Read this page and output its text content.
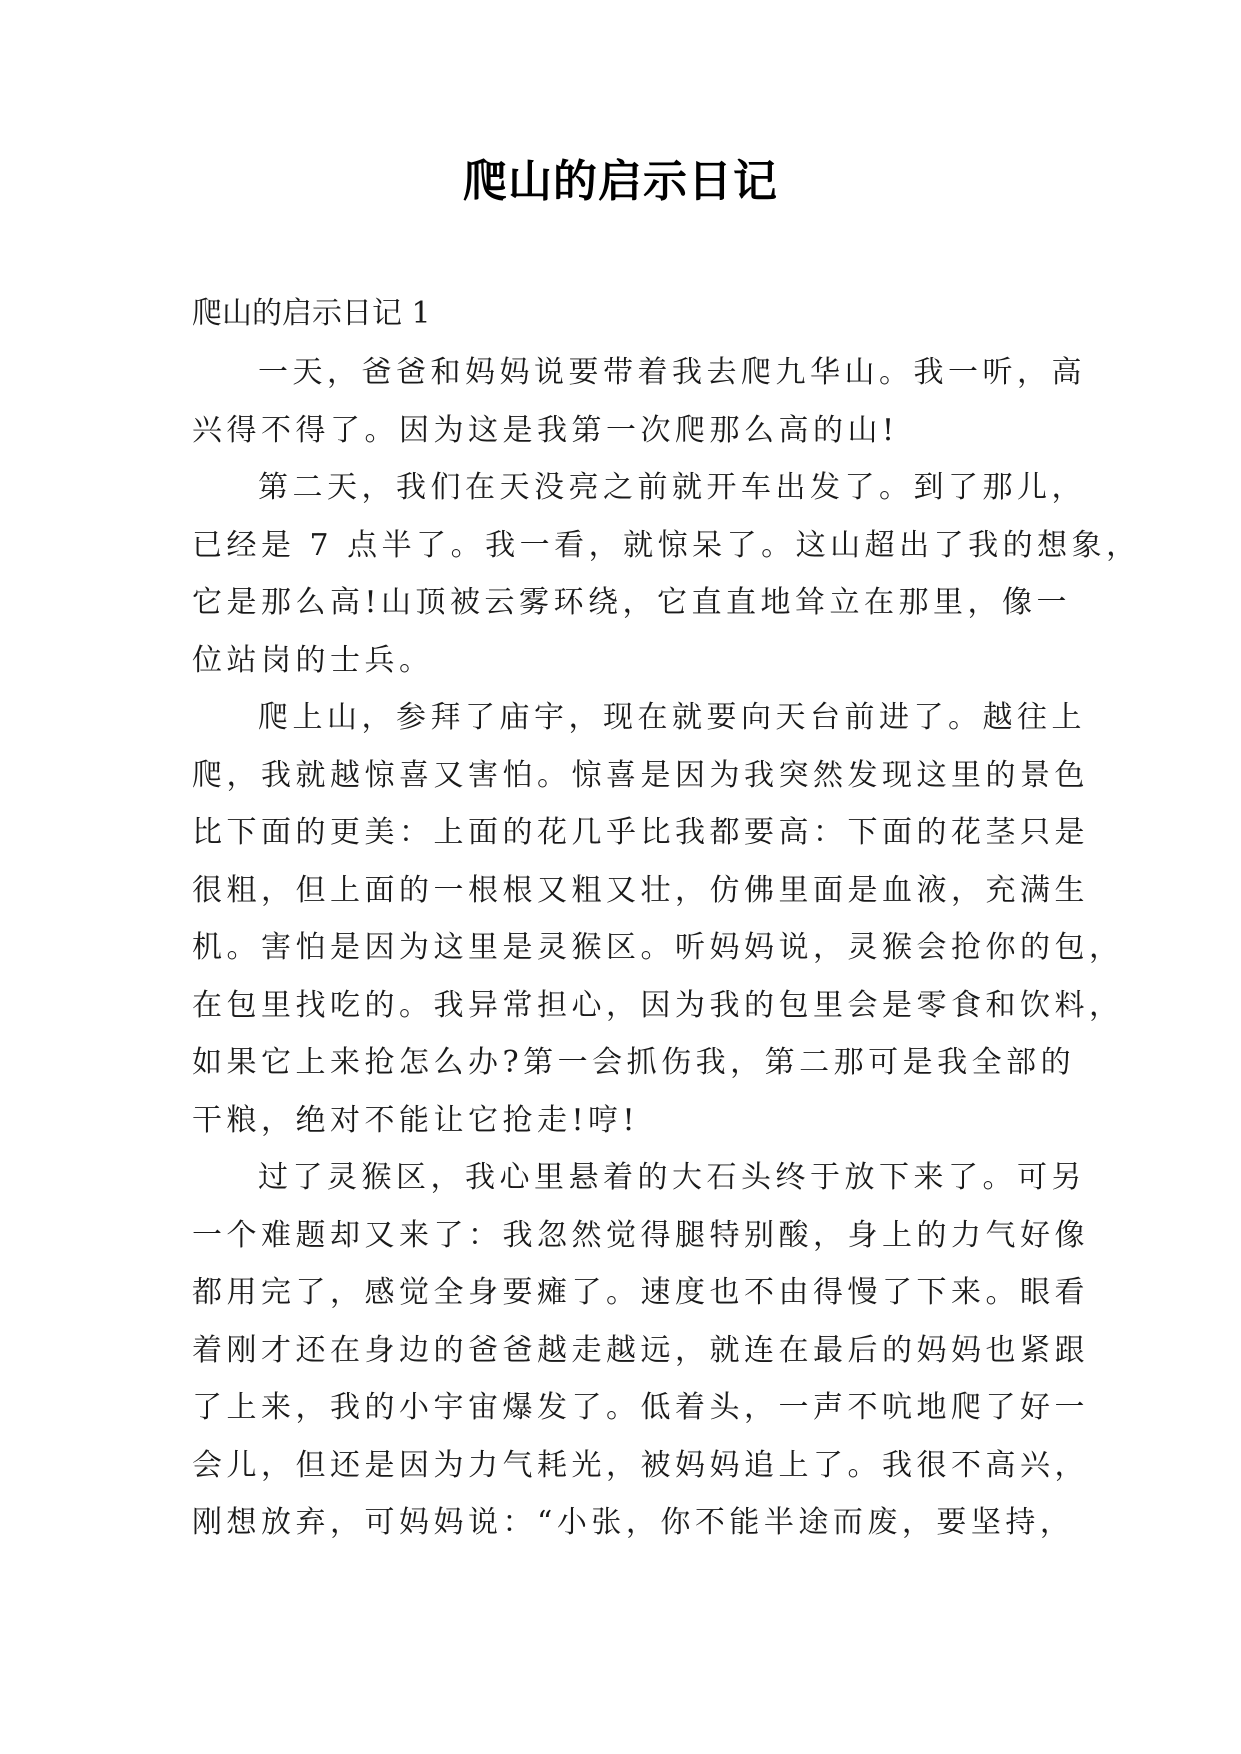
爬山的启示日记
爬山的启示日记 1

一天，爸爸和妈妈说要带着我去爬九华山。我一听，高
兴得不得了。因为这是我第一次爬那么高的山!

第二天，我们在天没亮之前就开车出发了。到了那儿，
已经是 7 点半了。我一看，就惊呆了。这山超出了我的想象，
它是那么高!山顶被云雾环绕，它直直地耸立在那里，像一
位站岗的士兵。

爬上山，参拜了庙宇，现在就要向天台前进了。越往上
爬，我就越惊喜又害怕。惊喜是因为我突然发现这里的景色
比下面的更美：上面的花几乎比我都要高：下面的花茎只是
很粗，但上面的一根根又粗又壮，仿佛里面是血液，充满生
机。害怕是因为这里是灵猴区。听妈妈说，灵猴会抢你的包，
在包里找吃的。我异常担心，因为我的包里会是零食和饮料，
如果它上来抢怎么办?第一会抓伤我，第二那可是我全部的
干粮，绝对不能让它抢走!哼!

过了灵猴区，我心里悬着的大石头终于放下来了。可另
一个难题却又来了：我忽然觉得腿特别酸，身上的力气好像
都用完了，感觉全身要瘫了。速度也不由得慢了下来。眼看
着刚才还在身边的爸爸越走越远，就连在最后的妈妈也紧跟
了上来，我的小宇宙爆发了。低着头，一声不吭地爬了好一
会儿，但还是因为力气耗光，被妈妈追上了。我很不高兴，
刚想放弃，可妈妈说：“小张，你不能半途而废，要坚持，
